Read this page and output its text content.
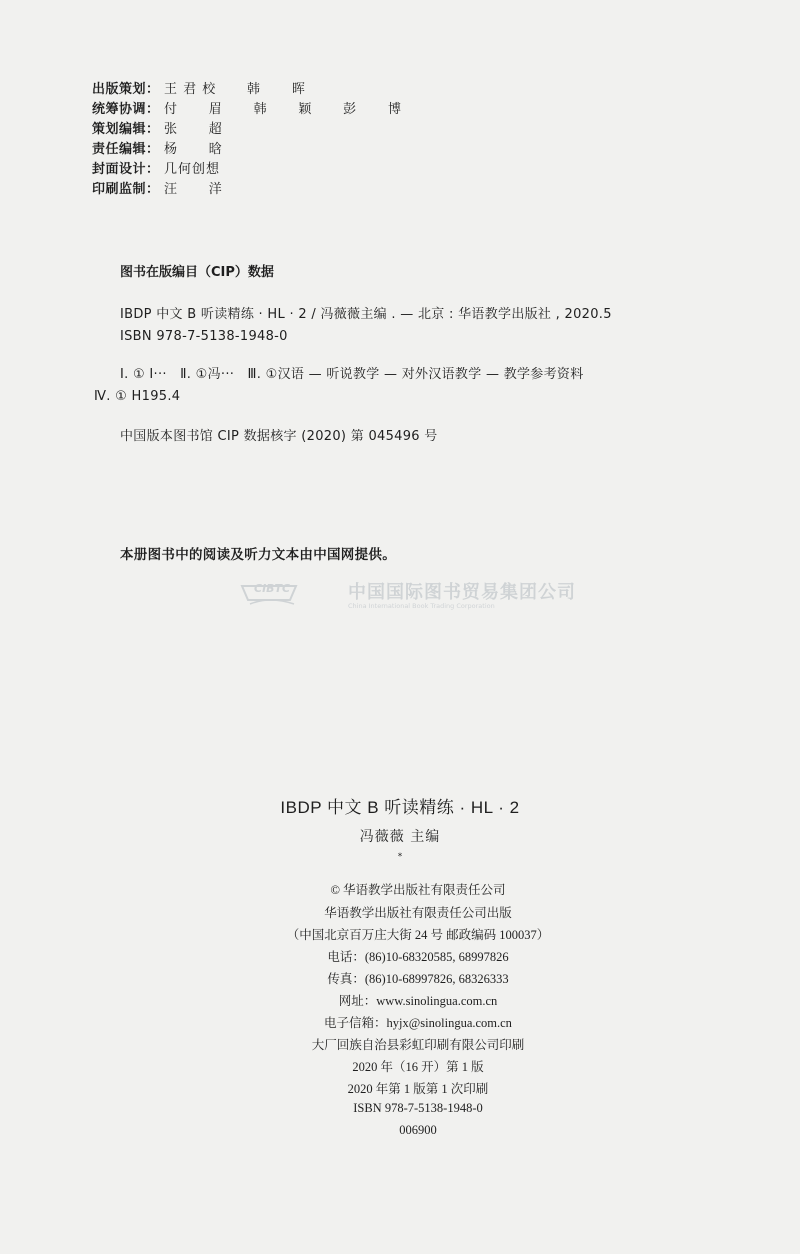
出版策划： 王 君 校      韩      晖
统筹协调： 付      眉      韩      颖      彭      博
策划编辑： 张      超
责任编辑： 杨      晗
封面设计： 几何创想
印刷监制： 汪      洋
图书在版编目（CIP）数据
IBDP 中文 B 听读精练 · HL · 2 / 冯薇薇主编 . — 北京 : 华语教学出版社 , 2020.5
ISBN 978-7-5138-1948-0
Ⅰ. ① I···   Ⅱ. ①冯···   Ⅲ. ①汉语 — 听说教学 — 对外汉语教学 — 教学参考资料
Ⅳ. ① H195.4
中国版本图书馆 CIP 数据核字 (2020) 第 045496 号
本册图书中的阅读及听力文本由中国网提供。
CIBTC	中国国际图书贸易集团公司
China International Book Trading Corporation
IBDP 中文 B 听读精练 · HL · 2
冯薇薇 主编
*
© 华语教学出版社有限责任公司
华语教学出版社有限责任公司出版
（中国北京百万庄大街 24 号 邮政编码 100037）
电话：(86)10-68320585, 68997826
传真：(86)10-68997826, 68326333
网址：www.sinolingua.com.cn
电子信箱：hyjx@sinolingua.com.cn
大厂回族自治县彩虹印刷有限公司印刷
2020 年（16 开）第 1 版
2020 年第 1 版第 1 次印刷
ISBN 978-7-5138-1948-0
006900
